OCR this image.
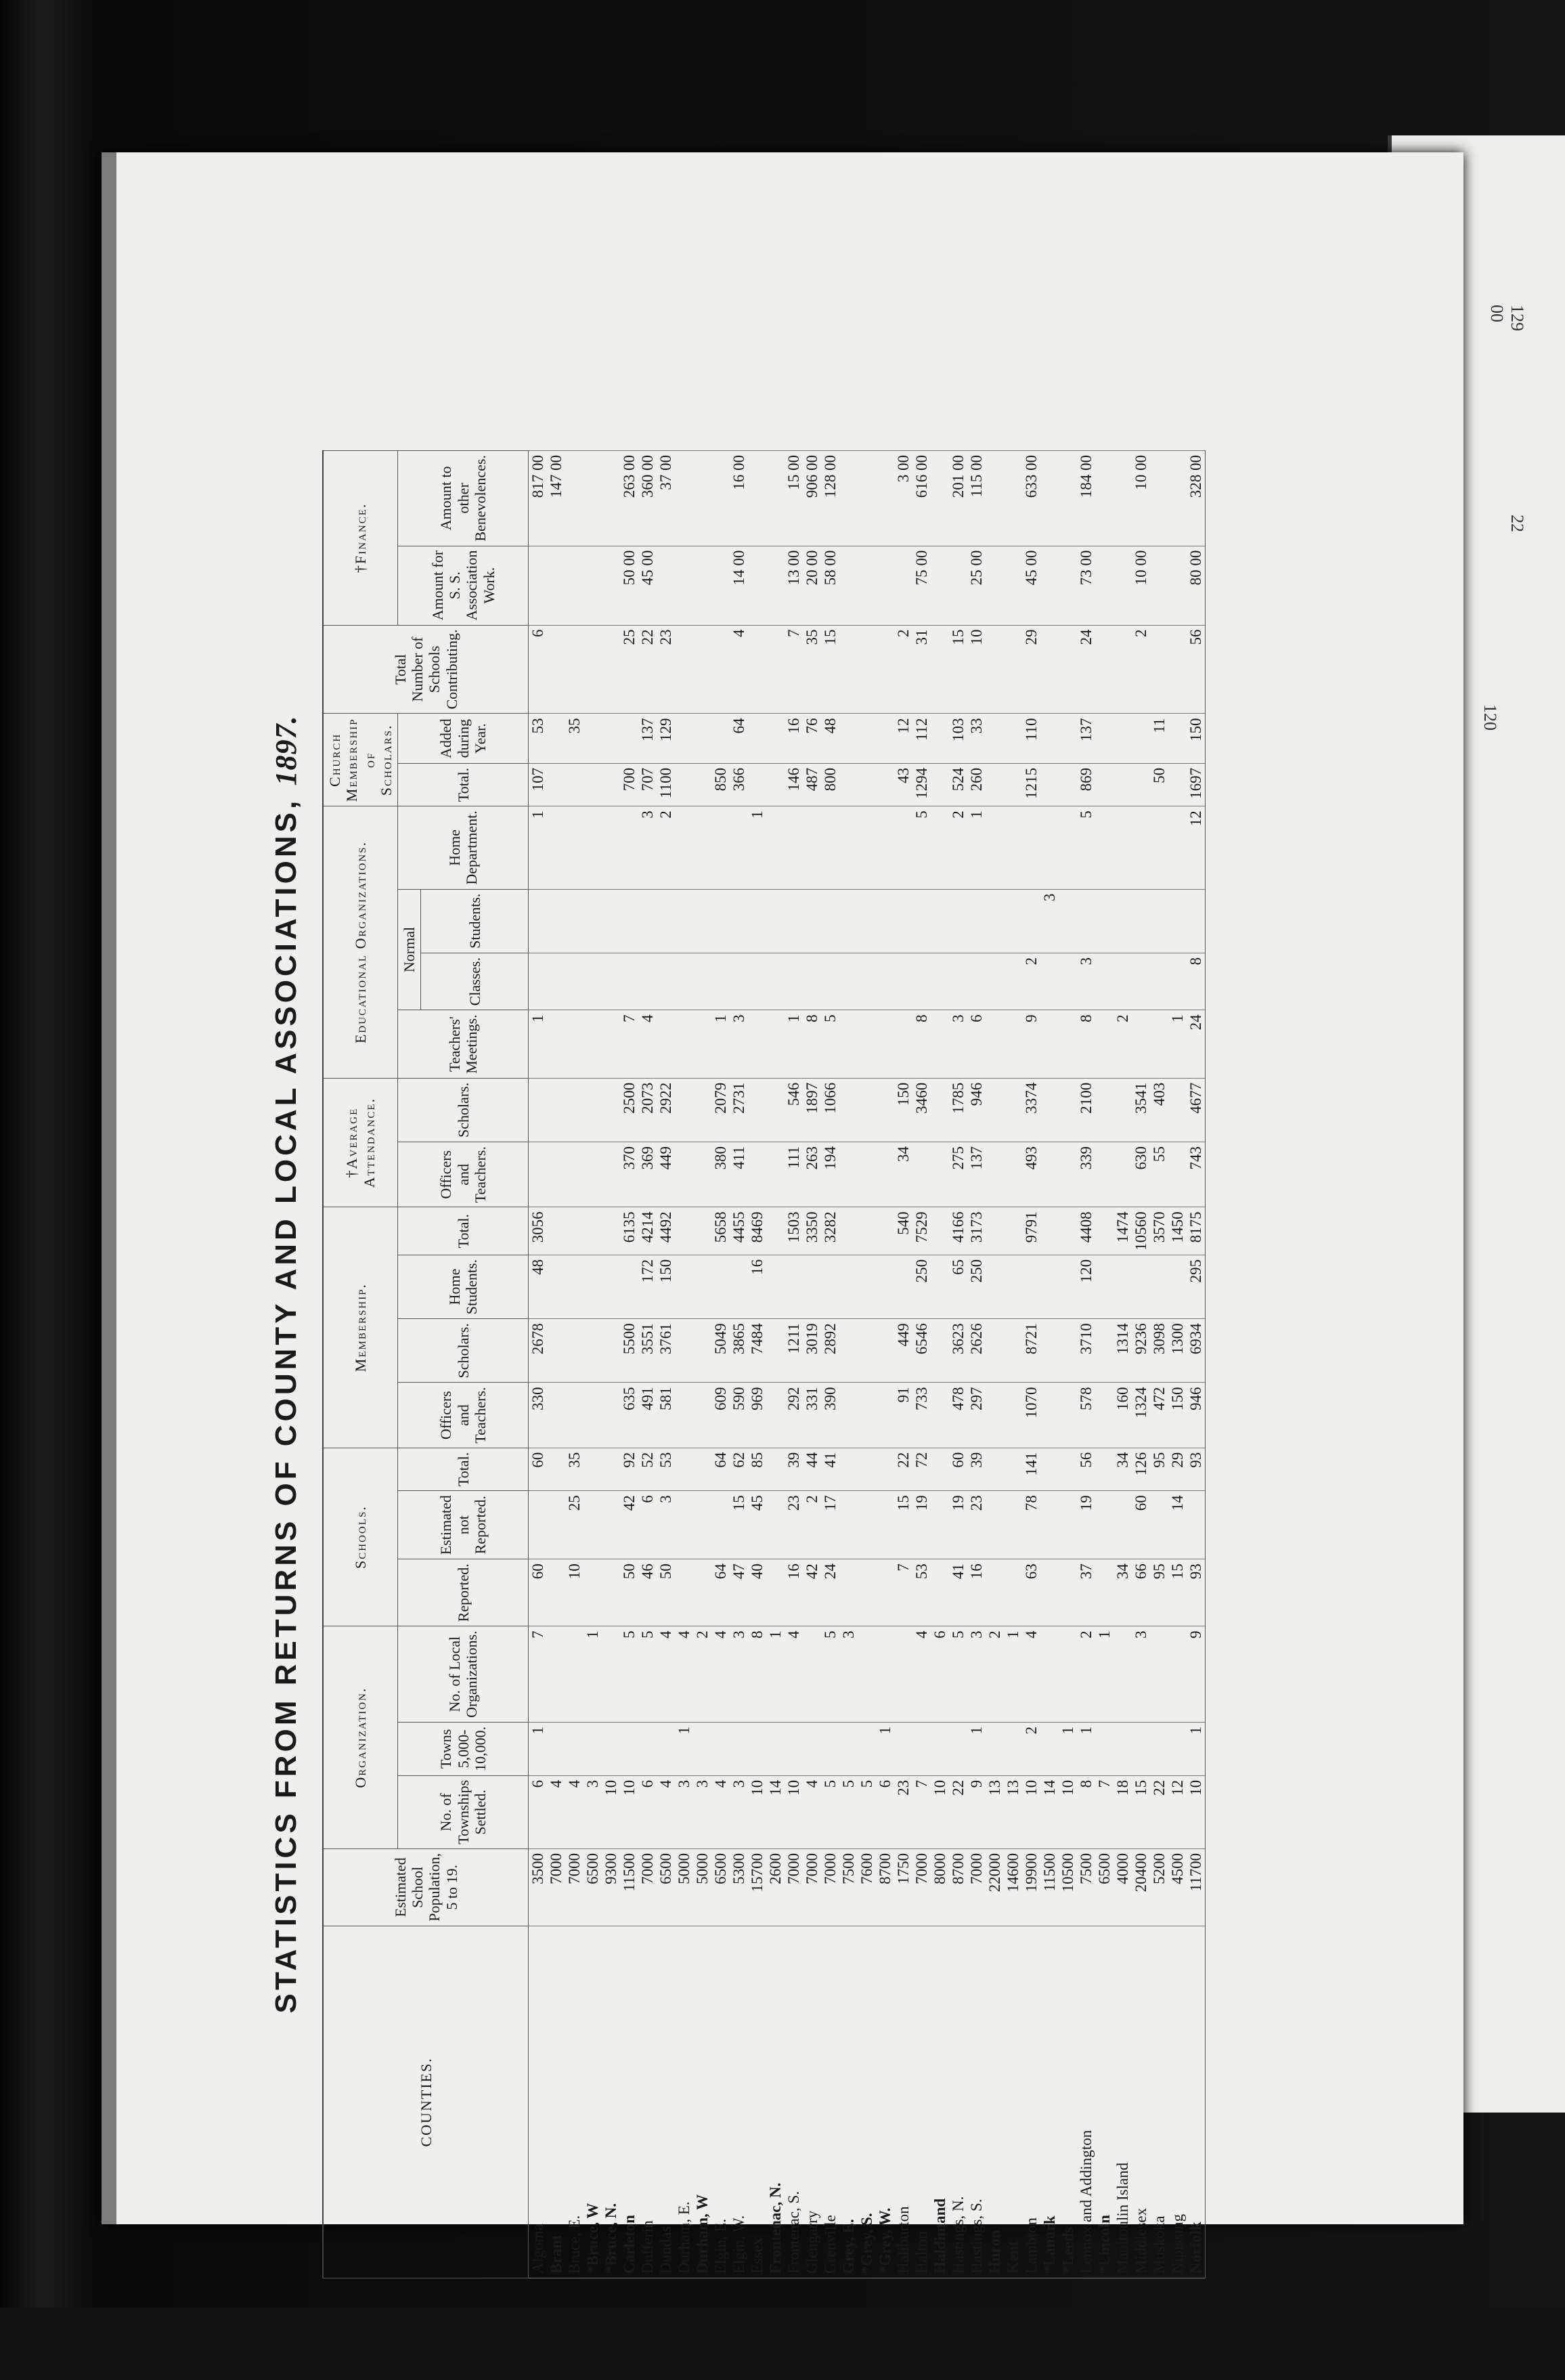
129 00
22
120
STATISTICS FROM RETURNS OF COUNTY AND LOCAL ASSOCIATIONS, 1897.
COUNTIES.	Estimated School Population, 5 to 19.	Organization.			Schools.			Membership.				†Average Attendance.		Educational Organizations.				Church Membership of Scholars.		Total Number of Schools Contributing.	†Finance.	
		No. of Townships Settled.	Towns 5,000-10,000.	No. of Local Organizations.	Reported.	Estimated not Reported.	Total.	Officers and Teachers.	Scholars.	Home Students.	Total.	Officers and Teachers.	Scholars.	Teachers' Meetings.	Normal		Home Department.	Total.	Added during Year.		Amount for S. S. Association Work.	Amount to other Benevolences.
															Classes.	Students.						
Algoma	3500	6	1	7	60		60	330	2678	48	3056			1			1	107	53	6		817 00
Brant	7000	4																				147 00
Bruce, E.	7000	4			10	25	35												35			
*Bruce, W	6500	3		1																		
*Bruce, N.	9300	10																				
Carleton	11500	10		5	50	42	92	635	5500		6135	370	2500	7				700		25	50 00	263 00
Dufferin	7000	6		5	46	6	52	491	3551	172	4214	369	2073	4			3	707	137	22	45 00	360 00
Dundas	6500	4		4	50	3	53	581	3761	150	4492	449	2922				2	1100	129	23		37 00
Durham, E.	5000	3	1	4																		
Durham, W	5000	3		2																		
Elgin, E.	6500	4		4	64		64	609	5049		5658	380	2079	1				850				
Elgin, W.	5300	3		3	47	15	62	590	3865		4455	411	2731	3				366	64	4	14 00	16 00
Essex	15700	10		8	40	45	85	969	7484	16	8469						1					
Frontenac, N.	2600	14		1																		
Frontenac, S.	7000	10		4	16	23	39	292	1211		1503	111	546	1				146	16	7	13 00	15 00
Glengarry	7000	4			42	2	44	331	3019		3350	263	1897	8				487	76	35	20 00	906 00
Grenville	7000	5		5	24	17	41	390	2892		3282	194	1066	5				800	48	15	58 00	128 00
Grey, E.	7500	5		3																		
*Grey, S.	7600	5																				
*Grey, W.	8700	6	1																			
Haliburton	1750	23			7	15	22	91	449		540	34	150					43	12	2		3 00
Halton	7000	7		4	53	19	72	733	6546	250	7529		3460	8			5	1294	112	31	75 00	616 00
Haldimand	8000	10		6																		
Hastings, N.	8700	22		5	41	19	60	478	3623	65	4166	275	1785	3			2	524	103	15		201 00
Hastings, S.	7000	9	1	3	16	23	39	297	2626	250	3173	137	946	6			1	260	33	10	25 00	115 00
Huron	22000	13		2																		
Kent	14600	13		1																		
Lambton	19900	10	2	4	63	78	141	1070	8721		9791	493	3374	9	2			1215	110	29	45 00	633 00
*Lanark	11500	14														3						
*Leeds	10500	10	1																			
Lennox and Addington	7500	8	1	2	37	19	56	578	3710	120	4408	339	2100	8	3		5	869	137	24	73 00	184 00
*Lincoln	6500	7		1																		
Manitoulin Island	4000	18			34		34	160	1314		1474			2								
Middlesex	20400	15		3	66	60	126	1324	9236		10560	630	3541							2	10 00	10 00
Muskoka	5200	22			95		95	472	3098		3570	55	403					50	11			
Nipissing	4500	12			15	14	29	150	1300		1450			1								
Norfolk	11700	10	1	9	93		93	946	6934	295	8175	743	4677	24	8		12	1697	150	56	80 00	328 00
